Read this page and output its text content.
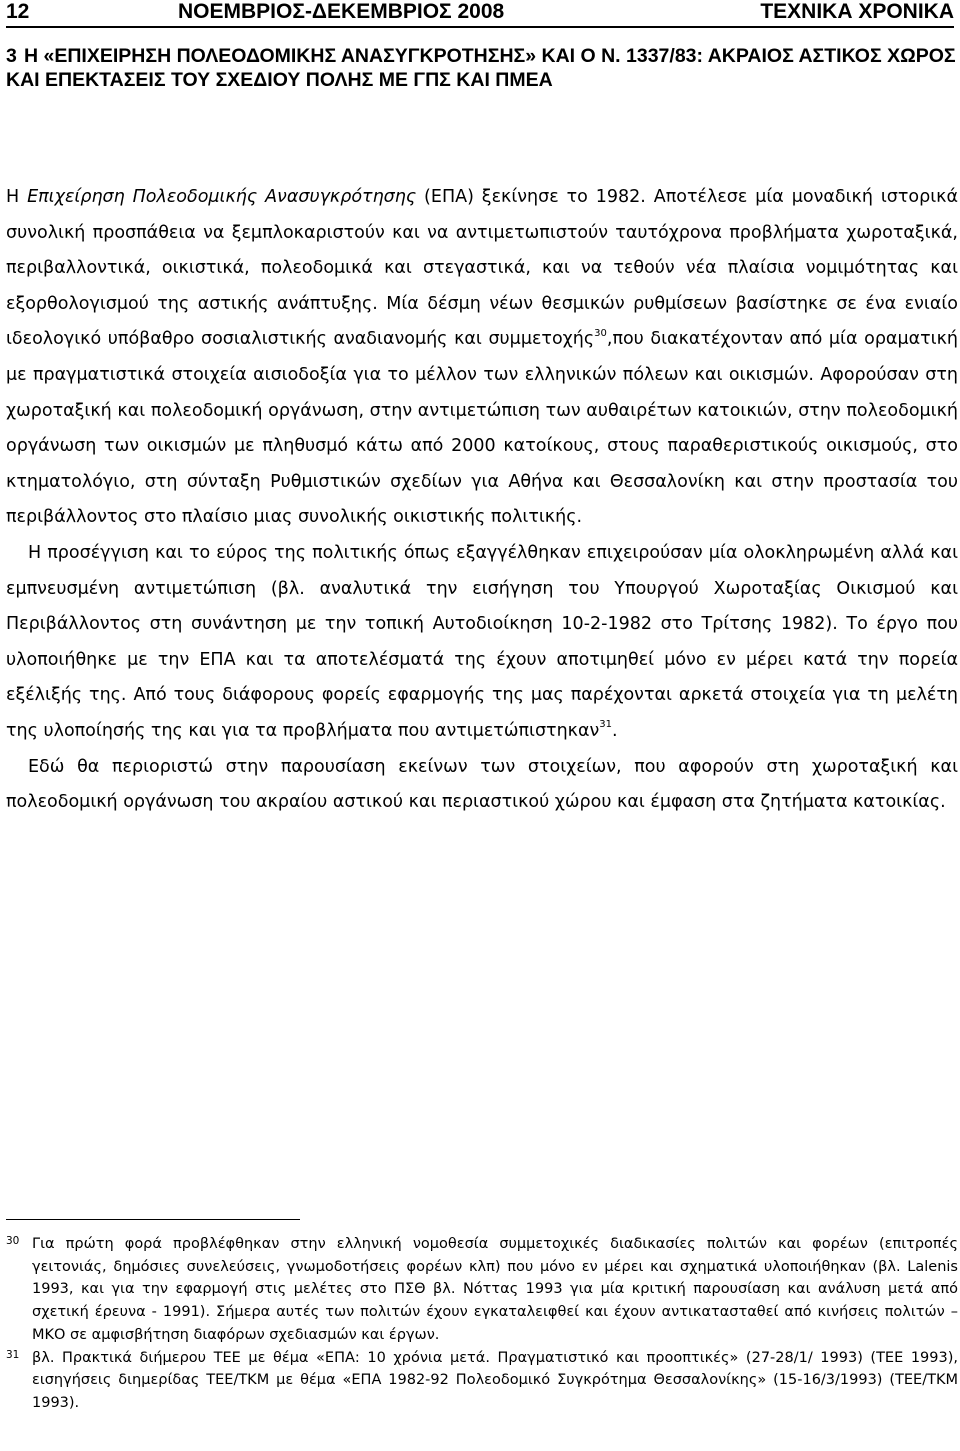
12	ΝΟΕΜΒΡΙΟΣ-ΔΕΚΕΜΒΡΙΟΣ 2008	ΤΕΧΝΙΚΑ ΧΡΟΝΙΚΑ
3 Η «ΕΠΙΧΕΙΡΗΣΗ ΠΟΛΕΟΔΟΜΙΚΗΣ ΑΝΑΣΥΓΚΡΟΤΗΣΗΣ» ΚΑΙ Ο Ν. 1337/83: ΑΚΡΑΙΟΣ ΑΣΤΙΚΟΣ ΧΩΡΟΣ ΚΑΙ ΕΠΕΚΤΑΣΕΙΣ ΤΟΥ ΣΧΕΔΙΟΥ ΠΟΛΗΣ ΜΕ ΓΠΣ ΚΑΙ ΠΜΕΑ

Η Επιχείρηση Πολεοδομικής Ανασυγκρότησης (ΕΠΑ) ξεκίνησε το 1982. Αποτέλεσε μία μοναδική ιστορικά συνολική προσπάθεια να ξεμπλοκαριστούν και να αντιμετωπιστούν ταυτόχρονα προβλήματα χωροταξικά, περιβαλλοντικά, οικιστικά, πολεοδομικά και στεγαστικά, και να τεθούν νέα πλαίσια νομιμότητας και εξορθολογισμού της αστικής ανάπτυξης. Μία δέσμη νέων θεσμικών ρυθμίσεων βασίστηκε σε ένα ενιαίο ιδεολογικό υπόβαθρο σοσιαλιστικής αναδιανομής και συμμετοχής$^{30}$,που διακατέχονταν από μία οραματική με πραγματιστικά στοιχεία αισιοδοξία για το μέλλον των ελληνικών πόλεων και οικισμών. Αφορούσαν στη χωροταξική και πολεοδομική οργάνωση, στην αντιμετώπιση των αυθαιρέτων κατοικιών, στην πολεοδομική οργάνωση των οικισμών με πληθυσμό κάτω από 2000 κατοίκους, στους παραθεριστικούς οικισμούς, στο κτηματολόγιο, στη σύνταξη Ρυθμιστικών σχεδίων για Αθήνα και Θεσσαλονίκη και στην προστασία του περιβάλλοντος στο πλαίσιο μιας συνολικής οικιστικής πολιτικής.

Η προσέγγιση και το εύρος της πολιτικής όπως εξαγγέλθηκαν επιχειρούσαν μία ολοκληρωμένη αλλά και εμπνευσμένη αντιμετώπιση (βλ. αναλυτικά την εισήγηση του Υπουργού Χωροταξίας Οικισμού και Περιβάλλοντος στη συνάντηση με την τοπική Αυτοδιοίκηση 10-2-1982 στο Τρίτσης 1982). Το έργο που υλοποιήθηκε με την ΕΠΑ και τα αποτελέσματά της έχουν αποτιμηθεί μόνο εν μέρει κατά την πορεία εξέλιξής της. Από τους διάφορους φορείς εφαρμογής της μας παρέχονται αρκετά στοιχεία για τη μελέτη της υλοποίησής της και για τα προβλήματα που αντιμετώπιστηκαν$^{31}$.

Εδώ θα περιοριστώ στην παρουσίαση εκείνων των στοιχείων, που αφορούν στη χωροταξική και πολεοδομική οργάνωση του ακραίου αστικού και περιαστικού χώρου και έμφαση στα ζητήματα κατοικίας.

30 Για πρώτη φορά προβλέφθηκαν στην ελληνική νομοθεσία συμμετοχικές διαδικασίες πολιτών και φορέων (επιτροπές γειτονιάς, δημόσιες συνελεύσεις, γνωμοδοτήσεις φορέων κλπ) που μόνο εν μέρει και σχηματικά υλοποιήθηκαν (βλ. Lalenis 1993, και για την εφαρμογή στις μελέτες στο ΠΣΘ βλ. Νόττας 1993 για μία κριτική παρουσίαση και ανάλυση μετά από σχετική έρευνα - 1991). Σήμερα αυτές των πολιτών έχουν εγκαταλειφθεί και έχουν αντικατασταθεί από κινήσεις πολιτών – ΜΚΟ σε αμφισβήτηση διαφόρων σχεδιασμών και έργων.
31 βλ. Πρακτικά διήμερου ΤΕΕ με θέμα «ΕΠΑ: 10 χρόνια μετά. Πραγματιστικό και προοπτικές» (27-28/1/ 1993) (ΤΕΕ 1993), εισηγήσεις διημερίδας ΤΕΕ/ΤΚΜ με θέμα «ΕΠΑ 1982-92 Πολεοδομικό Συγκρότημα Θεσσαλονίκης» (15-16/3/1993) (ΤΕΕ/ΤΚΜ 1993).
